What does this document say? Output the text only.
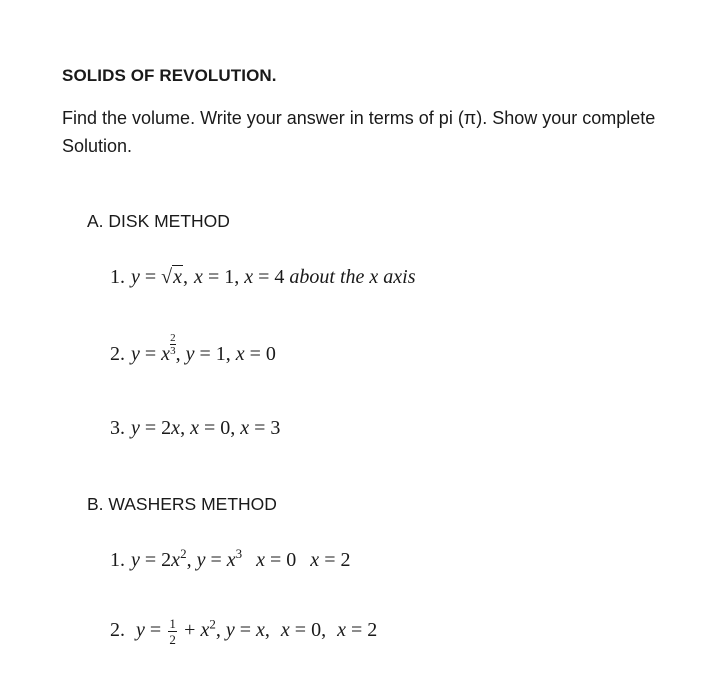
SOLIDS OF REVOLUTION.
Find the volume. Write your answer in terms of pi (π). Show your complete Solution.
A. DISK METHOD
1. y = √x, x = 1, x = 4 about the x axis
2. y = x $\frac{2}{3}$ , y = 1, x = 0
3. y = 2x, x = 0, x = 3
B. WASHERS METHOD
1. $y = 2x^2$, $y = x^3$ x = 0 x = 2
2. $y = \frac{1}{2} + x^2$, y = x, x = 0, x = 2
